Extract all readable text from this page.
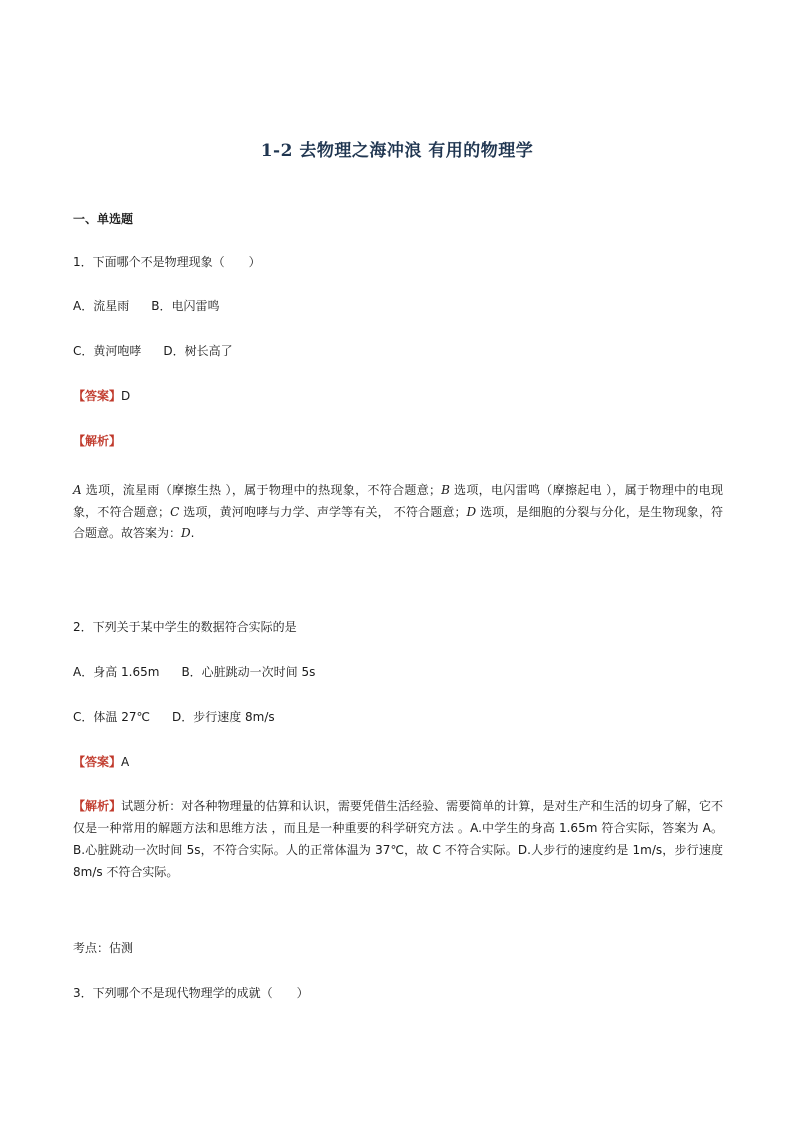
1-2 去物理之海冲浪 有用的物理学
一、单选题
1．下面哪个不是物理现象（　　）
A．流星雨 B．电闪雷鸣
C．黄河咆哮 D．树长高了
【答案】D
【解析】
A 选项，流星雨（摩擦生热 ），属于物理中的热现象，不符合题意；B 选项，电闪雷鸣（摩擦起电 ），属于物理中的电现象，不符合题意；C 选项，黄河咆哮与力学、声学等有关， 不符合题意；D 选项，是细胞的分裂与分化，是生物现象，符合题意。故答案为：D.
2．下列关于某中学生的数据符合实际的是
A．身高 1.65m B．心脏跳动一次时间 5s
C．体温 27℃ D．步行速度 8m/s
【答案】A
【解析】试题分析：对各种物理量的估算和认识，需要凭借生活经验、需要简单的计算，是对生产和生活的切身了解，它不仅是一种常用的解题方法和思维方法 ，而且是一种重要的科学研究方法 。A.中学生的身高 1.65m 符合实际，答案为 A。B.心脏跳动一次时间 5s，不符合实际。人的正常体温为 37℃，故 C 不符合实际。D.人步行的速度约是 1m/s，步行速度 8m/s 不符合实际。
考点：估测
3．下列哪个不是现代物理学的成就（　　）
